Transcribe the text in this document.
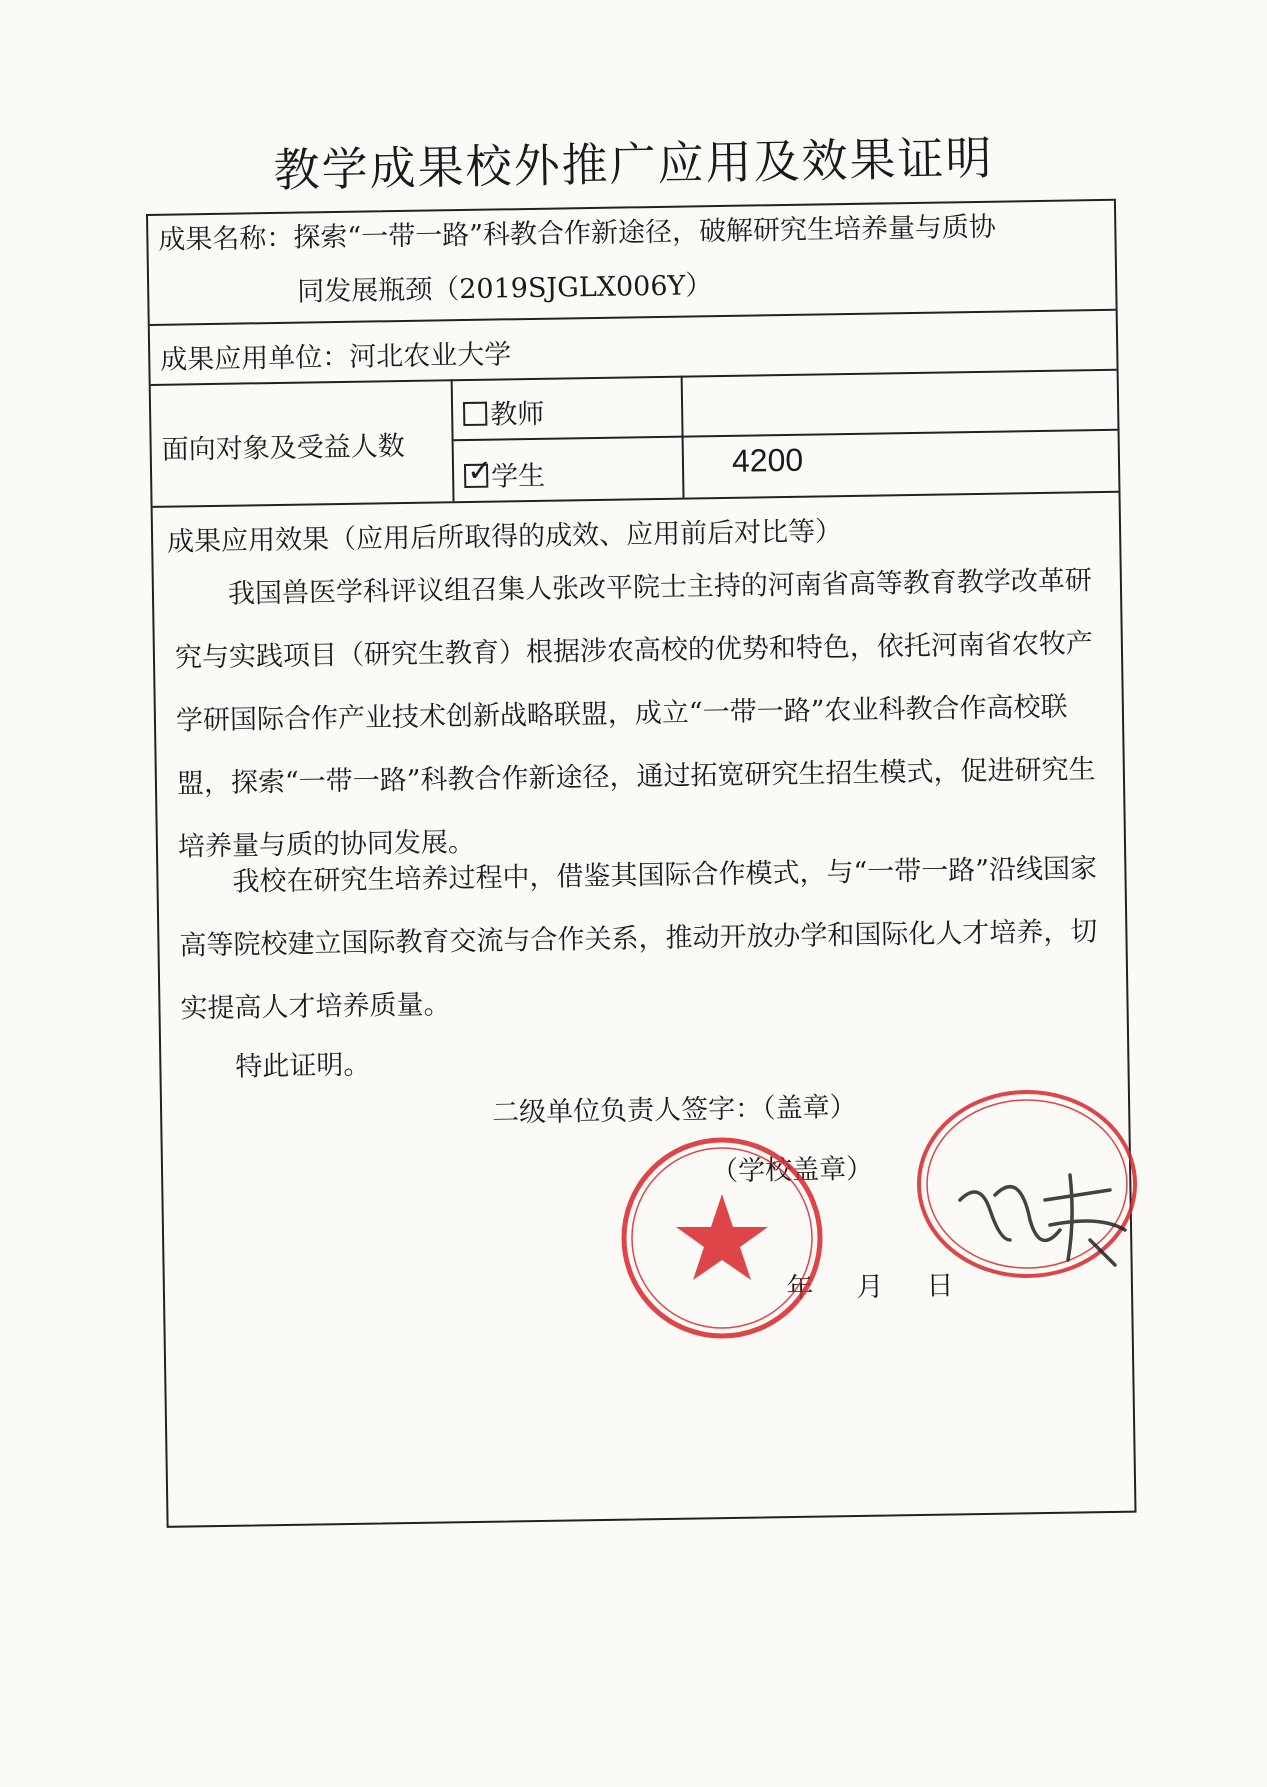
教学成果校外推广应用及效果证明
成果名称：探索“一带一路”科教合作新途径，破解研究生培养量与质协
同发展瓶颈（2019SJGLX006Y）
成果应用单位：河北农业大学
面向对象及受益人数
教师
✓学生	4200
成果应用效果（应用后所取得的成效、应用前后对比等）
我国兽医学科评议组召集人张改平院士主持的河南省高等教育教学改革研究与实践项目（研究生教育）根据涉农高校的优势和特色，依托河南省农牧产学研国际合作产业技术创新战略联盟，成立“一带一路”农业科教合作高校联盟，探索“一带一路”科教合作新途径，通过拓宽研究生招生模式，促进研究生培养量与质的协同发展。
我校在研究生培养过程中，借鉴其国际合作模式，与“一带一路”沿线国家高等院校建立国际教育交流与合作关系，推动开放办学和国际化人才培养，切实提高人才培养质量。
特此证明。
二级单位负责人签字：（盖章）
（学校盖章）
年 月 日
